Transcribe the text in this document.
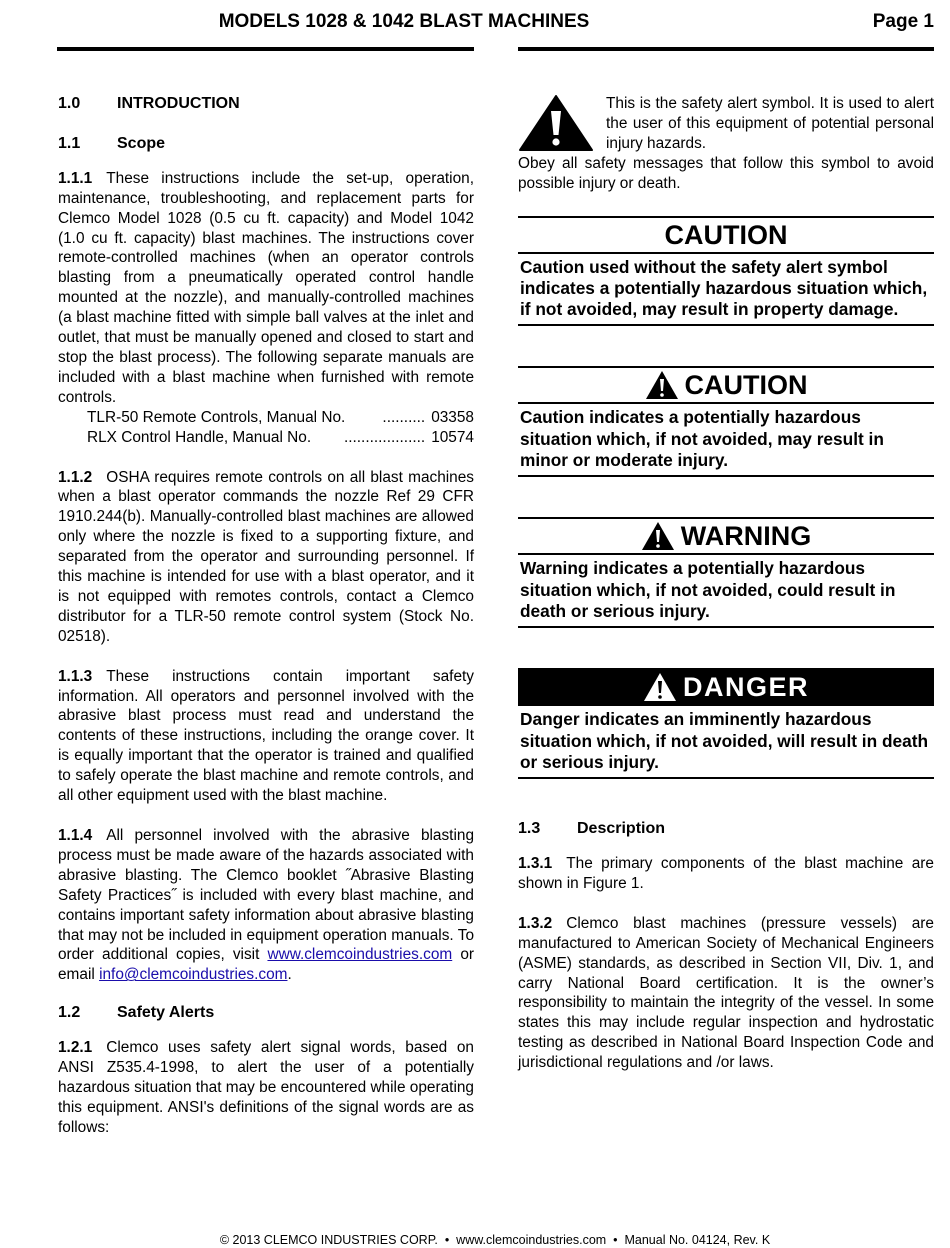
MODELS 1028 & 1042 BLAST MACHINES	Page 1
1.0	INTRODUCTION
1.1	Scope

1.1.1 These instructions include the set-up, operation, maintenance, troubleshooting, and replacement parts for Clemco Model 1028 (0.5 cu ft. capacity) and Model 1042 (1.0 cu ft. capacity) blast machines. The instructions cover remote-controlled machines (when an operator controls blasting from a pneumatically operated control handle mounted at the nozzle), and manually-controlled machines (a blast machine fitted with simple ball valves at the inlet and outlet, that must be manually opened and closed to start and stop the blast process). The following separate manuals are included with a blast machine when furnished with remote controls.

TLR-50 Remote Controls, Manual No.	.......... 03358
RLX Control Handle, Manual No.	................... 10574

1.1.2 OSHA requires remote controls on all blast machines when a blast operator commands the nozzle Ref 29 CFR 1910.244(b). Manually-controlled blast machines are allowed only where the nozzle is fixed to a supporting fixture, and separated from the operator and surrounding personnel. If this machine is intended for use with a blast operator, and it is not equipped with remotes controls, contact a Clemco distributor for a TLR-50 remote control system (Stock No. 02518).

1.1.3 These instructions contain important safety information. All operators and personnel involved with the abrasive blast process must read and understand the contents of these instructions, including the orange cover. It is equally important that the operator is trained and qualified to safely operate the blast machine and remote controls, and all other equipment used with the blast machine.

1.1.4 All personnel involved with the abrasive blasting process must be made aware of the hazards associated with abrasive blasting. The Clemco booklet ˝Abrasive Blasting Safety Practices˝ is included with every blast machine, and contains important safety information about abrasive blasting that may not be included in equipment operation manuals. To order additional copies, visit www.clemcoindustries.com or email info@clemcoindustries.com.

1.2	Safety Alerts

1.2.1 Clemco uses safety alert signal words, based on ANSI Z535.4-1998, to alert the user of a potentially hazardous situation that may be encountered while operating this equipment. ANSI's definitions of the signal words are as follows:

This is the safety alert symbol. It is used to alert the user of this equipment of potential personal injury hazards.

Obey all safety messages that follow this symbol to avoid possible injury or death.

CAUTION
Caution used without the safety alert symbol indicates a potentially hazardous situation which, if not avoided, may result in property damage.
CAUTION
Caution indicates a potentially hazardous situation which, if not avoided, may result in minor or moderate injury.
WARNING
Warning indicates a potentially hazardous situation which, if not avoided, could result in death or serious injury.
DANGER
Danger indicates an imminently hazardous situation which, if not avoided, will result in death or serious injury.
1.3	Description

1.3.1 The primary components of the blast machine are shown in Figure 1.

1.3.2 Clemco blast machines (pressure vessels) are manufactured to American Society of Mechanical Engineers (ASME) standards, as described in Section VII, Div. 1, and carry National Board certification. It is the owner’s responsibility to maintain the integrity of the vessel. In some states this may include regular inspection and hydrostatic testing as described in National Board Inspection Code and jurisdictional regulations and /or laws.

© 2013 CLEMCO INDUSTRIES CORP.  •  www.clemcoindustries.com  •  Manual No. 04124, Rev. K
